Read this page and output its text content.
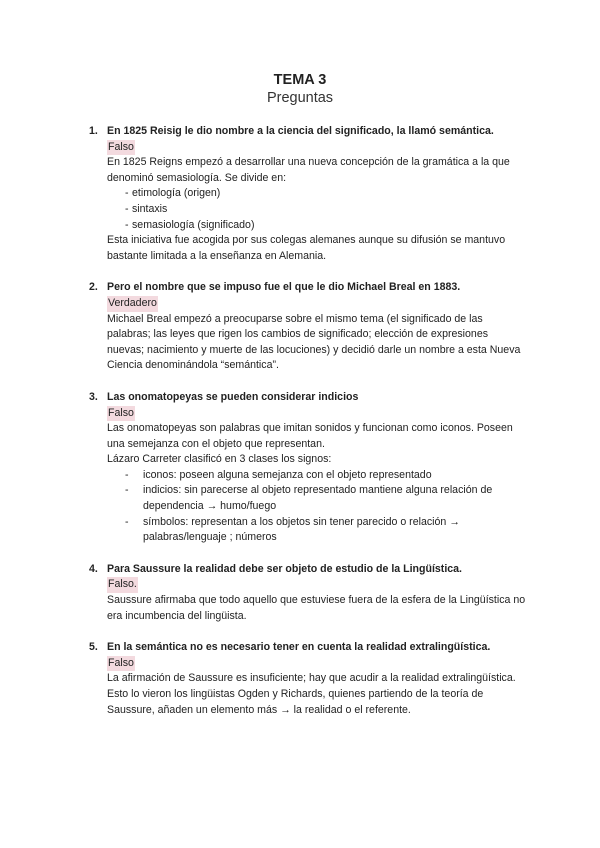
TEMA 3
Preguntas
1. En 1825 Reisig le dio nombre a la ciencia del significado, la llamó semántica.
Falso

En 1825 Reigns empezó a desarrollar una nueva concepción de la gramática a la que denominó semasiología. Se divide en:

- etimología (origen)
- sintaxis
- semasiología (significado)

Esta iniciativa fue acogida por sus colegas alemanes aunque su difusión se mantuvo bastante limitada a la enseñanza en Alemania.

2. Pero el nombre que se impuso fue el que le dio Michael Breal en 1883.
Verdadero

Michael Breal empezó a preocuparse sobre el mismo tema (el significado de las palabras; las leyes que rigen los cambios de significado; elección de expresiones nuevas; nacimiento y muerte de las locuciones) y decidió darle un nombre a esta Nueva Ciencia denominándola “semántica”.

3. Las onomatopeyas se pueden considerar indicios
Falso

Las onomatopeyas son palabras que imitan sonidos y funcionan como iconos. Poseen una semejanza con el objeto que representan.

Lázaro Carreter clasificó en 3 clases los signos:

- iconos: poseen alguna semejanza con el objeto representado
- indicios: sin parecerse al objeto representado mantiene alguna relación de dependencia → humo/fuego
- símbolos: representan a los objetos sin tener parecido o relación → palabras/lenguaje ; números
4. Para Saussure la realidad debe ser objeto de estudio de la Lingüística.
Falso.

Saussure afirmaba que todo aquello que estuviese fuera de la esfera de la Lingüística no era incumbencia del lingüista.

5. En la semántica no es necesario tener en cuenta la realidad extralingüística.
Falso

La afirmación de Saussure es insuficiente; hay que acudir a la realidad extralingüística. Esto lo vieron los lingüistas Ogden y Richards, quienes partiendo de la teoría de Saussure, añaden un elemento más → la realidad o el referente.
